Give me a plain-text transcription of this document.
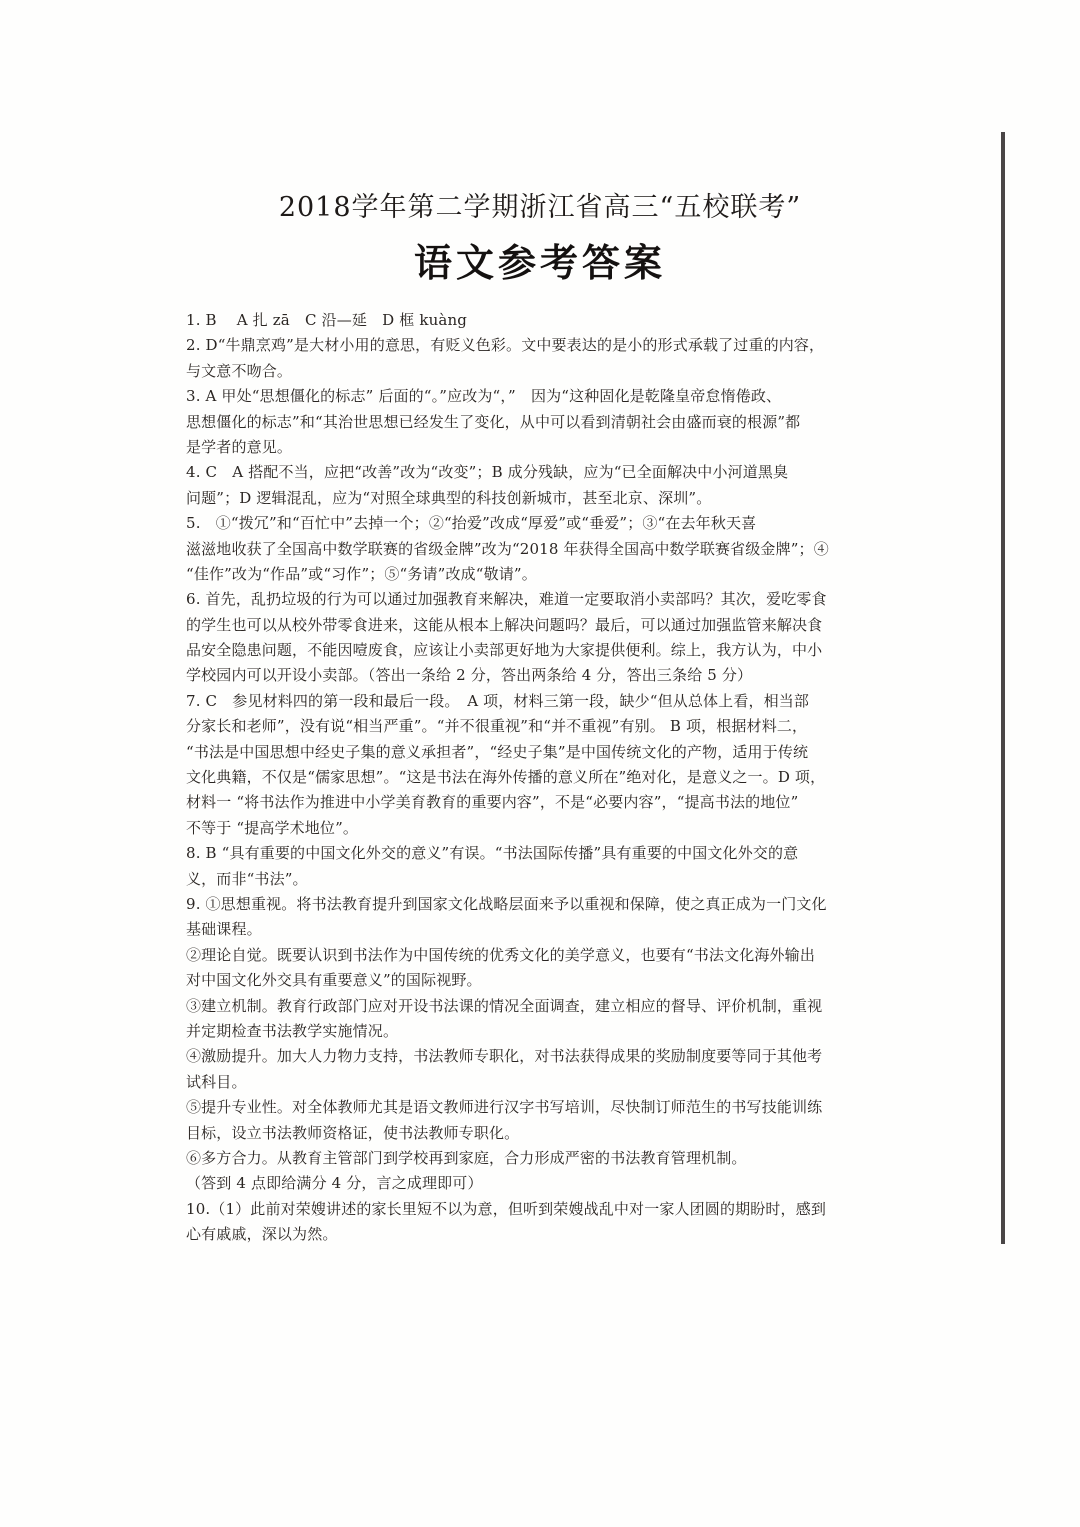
2018学年第二学期浙江省高三“五校联考”
语文参考答案
1. B　 A 扎 zā　C 沿—延　D 框 kuàng
2. D“牛鼎烹鸡”是大材小用的意思，有贬义色彩。文中要表达的是小的形式承载了过重的内容，
与文意不吻合。
3. A 甲处“思想僵化的标志” 后面的“。”应改为“，”　因为“这种固化是乾隆皇帝怠惰倦政、
思想僵化的标志”和“其治世思想已经发生了变化，从中可以看到清朝社会由盛而衰的根源”都
是学者的意见。
4. C　A 搭配不当，应把“改善”改为“改变”；B 成分残缺，应为“已全面解决中小河道黑臭
问题”；D 逻辑混乱，应为“对照全球典型的科技创新城市，甚至北京、深圳”。
5.　①“拨冗”和“百忙中”去掉一个；②“抬爱”改成“厚爱”或“垂爱”；③“在去年秋天喜
滋滋地收获了全国高中数学联赛的省级金牌”改为“2018 年获得全国高中数学联赛省级金牌”；④
“佳作”改为“作品”或“习作”；⑤“务请”改成“敬请”。
6. 首先，乱扔垃圾的行为可以通过加强教育来解决，难道一定要取消小卖部吗？其次，爱吃零食
的学生也可以从校外带零食进来，这能从根本上解决问题吗？最后，可以通过加强监管来解决食
品安全隐患问题，不能因噎废食，应该让小卖部更好地为大家提供便利。综上，我方认为，中小
学校园内可以开设小卖部。（答出一条给 2 分，答出两条给 4 分，答出三条给 5 分）
7. C　参见材料四的第一段和最后一段。　A 项，材料三第一段，缺少“但从总体上看，相当部
分家长和老师”，没有说“相当严重”。“并不很重视”和“并不重视”有别。 B 项，根据材料二，
“书法是中国思想中经史子集的意义承担者”，“经史子集”是中国传统文化的产物，适用于传统
文化典籍，不仅是“儒家思想”。“这是书法在海外传播的意义所在”绝对化，是意义之一。D 项，
材料一 “将书法作为推进中小学美育教育的重要内容”，不是“必要内容”，“提高书法的地位”
不等于 “提高学术地位”。
8. B “具有重要的中国文化外交的意义”有误。“书法国际传播”具有重要的中国文化外交的意
义，而非“书法”。
9. ①思想重视。将书法教育提升到国家文化战略层面来予以重视和保障，使之真正成为一门文化
基础课程。
②理论自觉。既要认识到书法作为中国传统的优秀文化的美学意义，也要有“书法文化海外输出
对中国文化外交具有重要意义”的国际视野。
③建立机制。教育行政部门应对开设书法课的情况全面调查，建立相应的督导、评价机制，重视
并定期检查书法教学实施情况。
④激励提升。加大人力物力支持，书法教师专职化，对书法获得成果的奖励制度要等同于其他考
试科目。
⑤提升专业性。对全体教师尤其是语文教师进行汉字书写培训，尽快制订师范生的书写技能训练
目标，设立书法教师资格证，使书法教师专职化。
⑥多方合力。从教育主管部门到学校再到家庭，合力形成严密的书法教育管理机制。
（答到 4 点即给满分 4 分，言之成理即可）
10.（1）此前对荣嫂讲述的家长里短不以为意，但听到荣嫂战乱中对一家人团圆的期盼时，感到
心有戚戚，深以为然。
